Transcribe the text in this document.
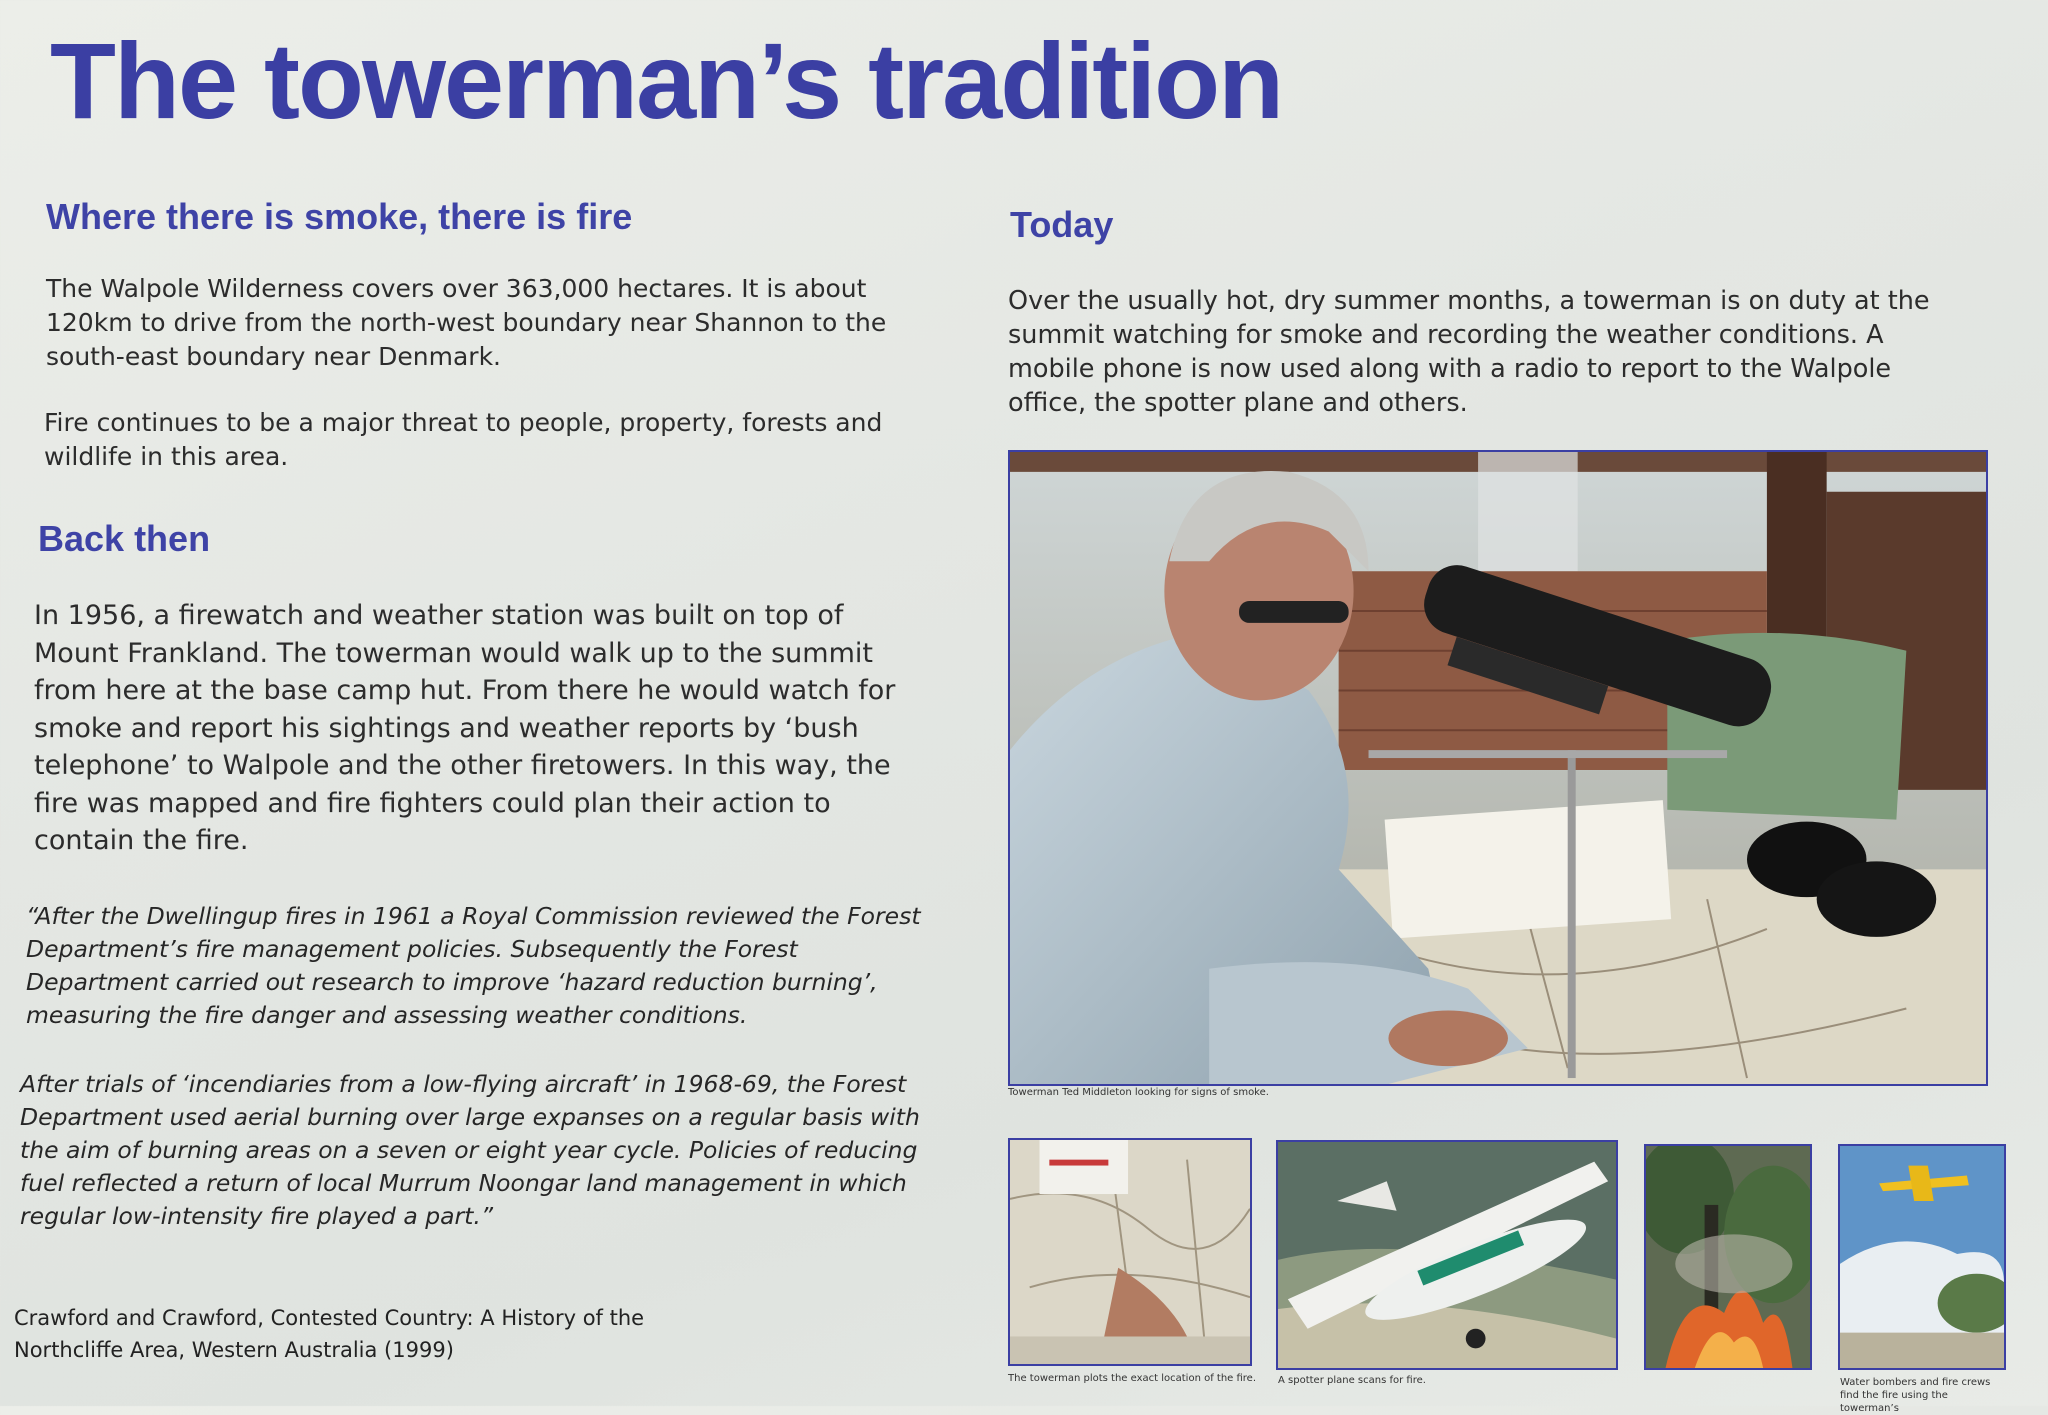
The towerman’s tradition
Where there is smoke, there is fire

The Walpole Wilderness covers over 363,000 hectares. It is about 120km to drive from the north-west boundary near Shannon to the south-east boundary near Denmark.

Fire continues to be a major threat to people, property, forests and wildlife in this area.

Back then

In 1956, a firewatch and weather station was built on top of Mount Frankland. The towerman would walk up to the summit from here at the base camp hut. From there he would watch for smoke and report his sightings and weather reports by ‘bush telephone’ to Walpole and the other firetowers. In this way, the fire was mapped and fire fighters could plan their action to contain the fire.

“After the Dwellingup fires in 1961 a Royal Commission reviewed the Forest Department’s fire management policies. Subsequently the Forest Department carried out research to improve ‘hazard reduction burning’, measuring the fire danger and assessing weather conditions.

After trials of ‘incendiaries from a low-flying aircraft’ in 1968-69, the Forest Department used aerial burning over large expanses on a regular basis with the aim of burning areas on a seven or eight year cycle. Policies of reducing fuel reflected a return of local Murrum Noongar land management in which regular low-intensity fire played a part.”

Crawford and Crawford, Contested Country: A History of the Northcliffe Area, Western Australia (1999)

Today

Over the usually hot, dry summer months, a towerman is on duty at the summit watching for smoke and recording the weather conditions. A mobile phone is now used along with a radio to report to the Walpole office, the spotter plane and others.

Towerman Ted Middleton looking for signs of smoke.
The towerman plots the exact location of the fire. A spotter plane scans for fire.	Water bombers and fire crews find the fire using the towerman’s
